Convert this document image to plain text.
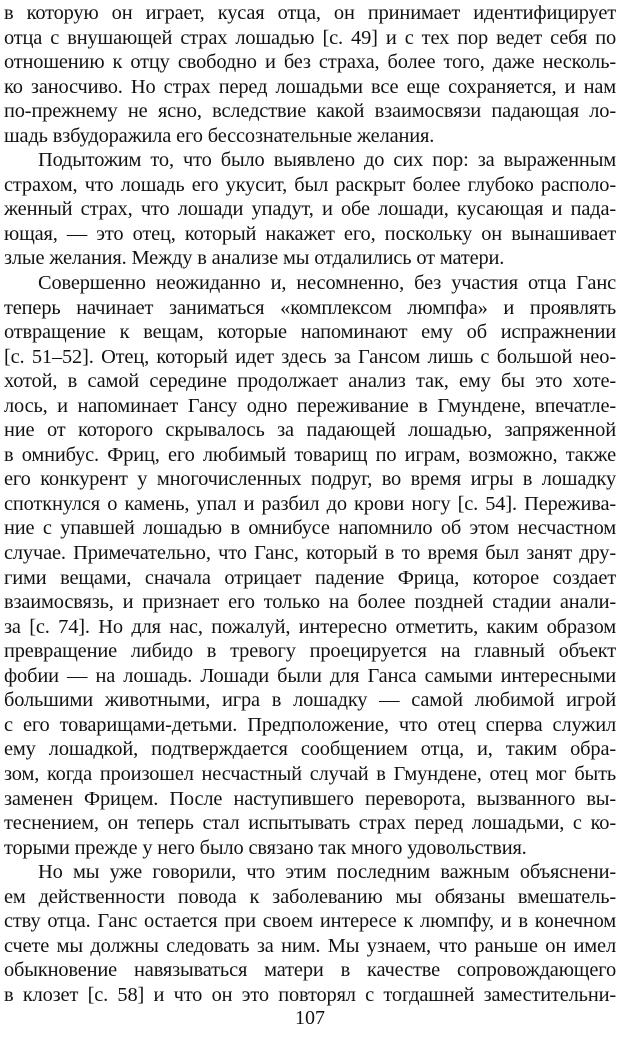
в которую он играет, кусая отца, он принимает идентифицирует
отца с внушающей страх лошадью [с. 49] и с тех пор ведет себя по
отношению к отцу свободно и без страха, более того, даже несколь-
ко заносчиво. Но страх перед лошадьми все еще сохраняется, и нам
по-прежнему не ясно, вследствие какой взаимосвязи падающая ло-
шадь взбудоражила его бессознательные желания.
Подытожим то, что было выявлено до сих пор: за выраженным
страхом, что лошадь его укусит, был раскрыт более глубоко располо-
женный страх, что лошади упадут, и обе лошади, кусающая и пада-
ющая, — это отец, который накажет его, поскольку он вынашивает
злые желания. Между в анализе мы отдалились от матери.
Совершенно неожиданно и, несомненно, без участия отца Ганс
теперь начинает заниматься «комплексом люмпфа» и проявлять
отвращение к вещам, которые напоминают ему об испражнении
[с. 51–52]. Отец, который идет здесь за Гансом лишь с большой нео-
хотой, в самой середине продолжает анализ так, ему бы это хоте-
лось, и напоминает Гансу одно переживание в Гмундене, впечатле-
ние от которого скрывалось за падающей лошадью, запряженной
в омнибус. Фриц, его любимый товарищ по играм, возможно, также
его конкурент у многочисленных подруг, во время игры в лошадку
споткнулся о камень, упал и разбил до крови ногу [с. 54]. Пережива-
ние с упавшей лошадью в омнибусе напомнило об этом несчастном
случае. Примечательно, что Ганс, который в то время был занят дру-
гими вещами, сначала отрицает падение Фрица, которое создает
взаимосвязь, и признает его только на более поздней стадии анали-
за [с. 74]. Но для нас, пожалуй, интересно отметить, каким образом
превращение либидо в тревогу проецируется на главный объект
фобии — на лошадь. Лошади были для Ганса самыми интересными
большими животными, игра в лошадку — самой любимой игрой
с его товарищами-детьми. Предположение, что отец сперва служил
ему лошадкой, подтверждается сообщением отца, и, таким обра-
зом, когда произошел несчастный случай в Гмундене, отец мог быть
заменен Фрицем. После наступившего переворота, вызванного вы-
теснением, он теперь стал испытывать страх перед лошадьми, с ко-
торыми прежде у него было связано так много удовольствия.
Но мы уже говорили, что этим последним важным объяснени-
ем действенности повода к заболеванию мы обязаны вмешатель-
ству отца. Ганс остается при своем интересе к люмпфу, и в конечном
счете мы должны следовать за ним. Мы узнаем, что раньше он имел
обыкновение навязываться матери в качестве сопровождающего
в клозет [с. 58] и что он это повторял с тогдашней заместительни-
107
